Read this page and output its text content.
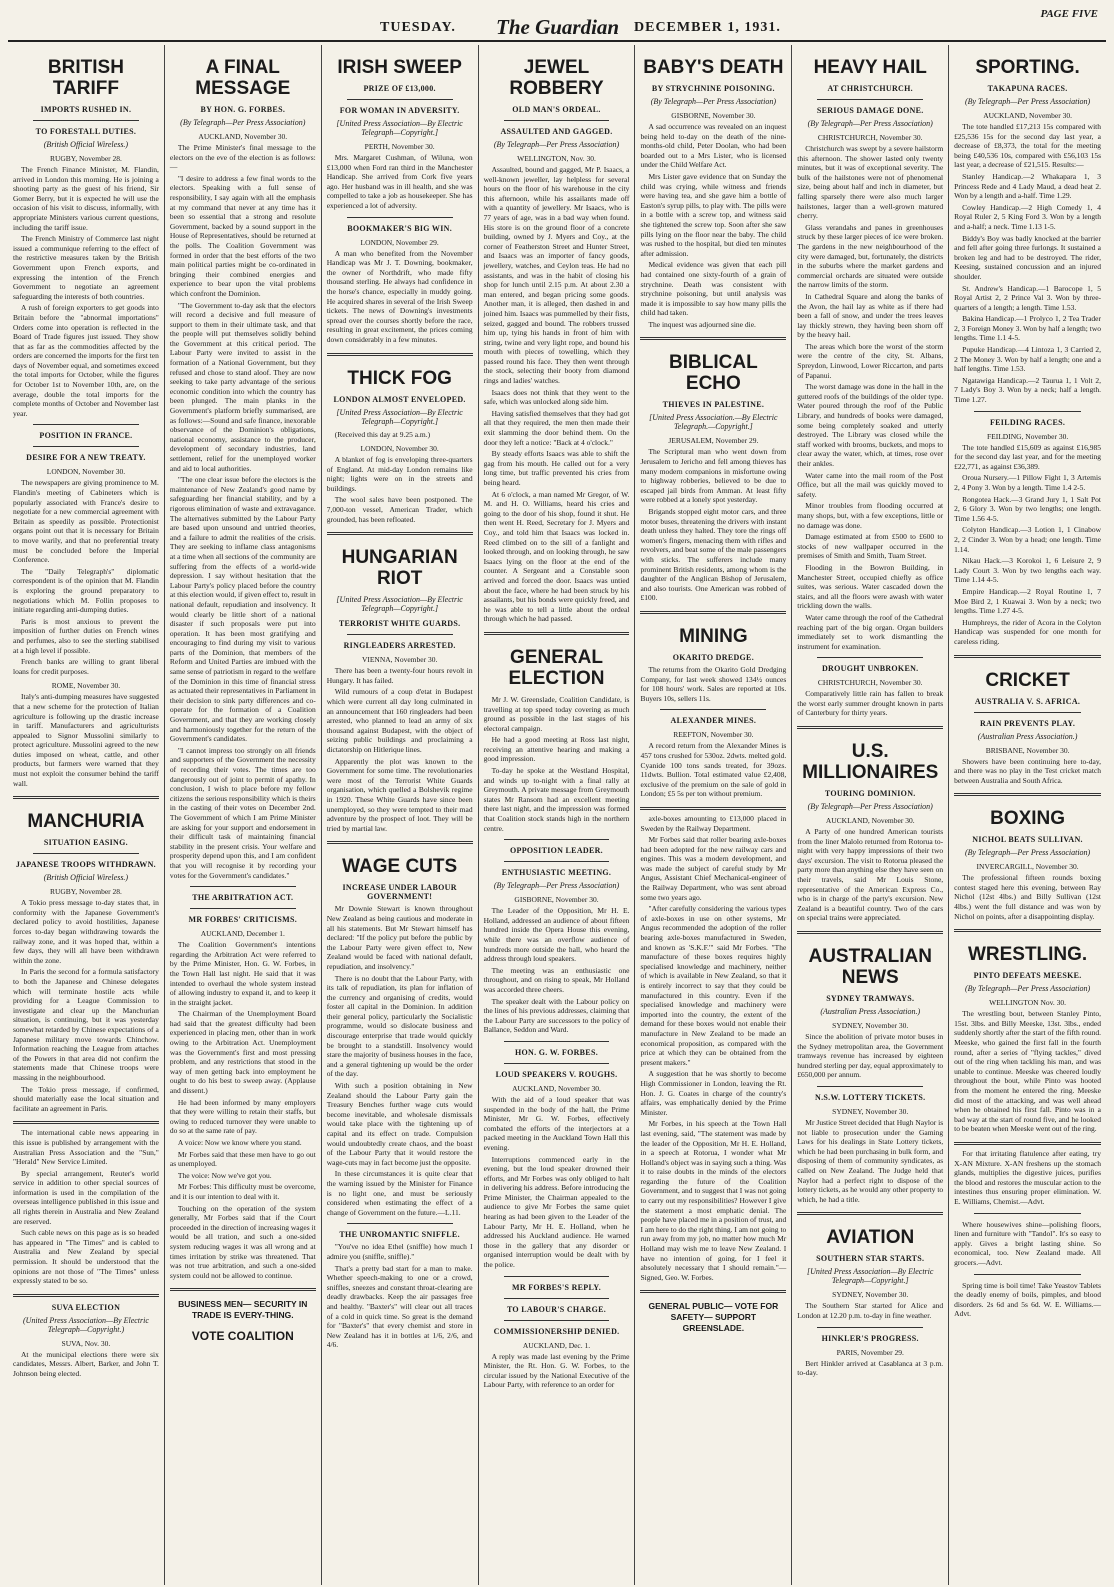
TUESDAY. The Guardian DECEMBER 1, 1931.
PAGE FIVE
BRITISH TARIFF
IMPORTS RUSHED IN.
TO FORESTALL DUTIES.
(British Official Wireless.)
RUGBY, November 28.
The French Finance Minister, M. Flandin, arrived in London this morning. He is joining a shooting party as the guest of his friend, Sir Gomer Berry, but it is expected he will use the occasion of his visit to discuss, informally, with appropriate Ministers various current questions, including the tariff issue.
The French Ministry of Commerce last night issued a communique referring to the effect of the restrictive measures taken by the British Government upon French exports, and expressing the intention of the French Government to negotiate an agreement safeguarding the interests of both countries.
A rush of foreign exporters to get goods into Britain before the "abnormal importations" Orders come into operation is reflected in the Board of Trade figures just issued. They show that as far as the commodities affected by the orders are concerned the imports for the first ten days of November equal, and sometimes exceed the total imports for October, while the figures for October 1st to November 10th, are, on the average, double the total imports for the complete months of October and November last year.
POSITION IN FRANCE.
DESIRE FOR A NEW TREATY.
LONDON, November 30.
The newspapers are giving prominence to M. Flandin's meeting of Cabineters which is popularly associated with France's desire to negotiate for a new commercial agreement with Britain as speedily as possible. Protectionist organs point out that it is necessary for Britain to move warily, and that no preferential treaty must be concluded before the Imperial Conference.
The "Daily Telegraph's" diplomatic correspondent is of the opinion that M. Flandin is exploring the ground preparatory to negotiations which M. Follin proposes to initiate regarding anti-dumping duties.
Paris is most anxious to prevent the imposition of further duties on French wines and perfumes, also to see the sterling stabilised at a high level if possible.
French banks are willing to grant liberal loans for credit purposes.
ROME, November 30.
Italy's anti-dumping measures have suggested that a new scheme for the protection of Italian agriculture is following up the drastic increase in tariff. Manufacturers and agriculturists appealed to Signor Mussolini similarly to protect agriculture. Mussolini agreed to the new duties imposed on wheat, cattle, and other products, but farmers were warned that they must not exploit the consumer behind the tariff wall.
MANCHURIA
SITUATION EASING.
JAPANESE TROOPS WITHDRAWN.
(British Official Wireless.)
RUGBY, November 28.
A Tokio press message to-day states that, in conformity with the Japanese Government's declared policy to avoid hostilities, Japanese forces to-day began withdrawing towards the railway zone, and it was hoped that, within a few days, they will all have been withdrawn within the zone.
In Paris the second for a formula satisfactory to both the Japanese and Chinese delegates which will terminate hostile acts while providing for a League Commission to investigate and clear up the Manchurian situation, is continuing, but it was yesterday somewhat retarded by Chinese expectations of a Japanese military move towards Chinchow. Information reaching the League from attaches of the Powers in that area did not confirm the statements made that Chinese troops were massing in the neighbourhood.
The Tokio press message, if confirmed, should materially ease the local situation and facilitate an agreement in Paris.
The international cable news appearing in this issue is published by arrangement with the Australian Press Association and the "Sun," "Herald" New Service Limited.
By special arrangement, Reuter's world service in addition to other special sources of information is used in the compilation of the overseas intelligence published in this issue and all rights therein in Australia and New Zealand are reserved.
Such cable news on this page as is so headed has appeared in "The Times" and is cabled to Australia and New Zealand by special permission. It should be understood that the opinions are not those of "The Times" unless expressly stated to be so.
SUVA ELECTION
(United Press Association—By Electric Telegraph—Copyright.)
SUVA, Nov. 30.
At the municipal elections there were six candidates, Messrs. Albert, Barker, and John T. Johnson being elected.
A FINAL MESSAGE
BY HON. G. FORBES.
(By Telegraph—Per Press Association)
AUCKLAND, November 30.
The Prime Minister's final message to the electors on the eve of the election is as follows:—
"I desire to address a few final words to the electors. Speaking with a full sense of responsibility, I say again with all the emphasis at my command that never at any time has it been so essential that a strong and resolute Government, backed by a sound support in the House of Representatives, should be returned at the polls. The Coalition Government was formed in order that the best efforts of the two main political parties might be co-ordinated in bringing their combined energies and experience to bear upon the vital problems which confront the Dominion.
"The Government to-day ask that the electors will record a decisive and full measure of support to them in their ultimate task, and that the people will put themselves solidly behind the Government at this critical period. The Labour Party were invited to assist in the formation of a National Government, but they refused and chose to stand aloof. They are now seeking to take party advantage of the serious economic condition into which the country has been plunged. The main planks in the Government's platform briefly summarised, are as follows:—Sound and safe finance, inexorable observance of the Dominion's obligations, national economy, assistance to the producer, development of secondary industries, land settlement, relief for the unemployed worker and aid to local authorities.
"The one clear issue before the electors is the maintenance of New Zealand's good name by safeguarding her financial stability, and by a rigorous elimination of waste and extravagance. The alternatives submitted by the Labour Party are based upon unsound and untried theories, and a failure to admit the realities of the crisis. They are seeking to inflame class antagonisms at a time when all sections of the community are suffering from the effects of a world-wide depression. I say without hesitation that the Labour Party's policy placed before the country at this election would, if given effect to, result in national default, repudiation and insolvency. It would clearly be little short of a national disaster if such proposals were put into operation. It has been most gratifying and encouraging to find during my visit to various parts of the Dominion, that members of the Reform and United Parties are imbued with the same sense of patriotism in regard to the welfare of the Dominion in this time of financial stress as actuated their representatives in Parliament in their decision to sink party differences and co-operate for the formation of a Coalition Government, and that they are working closely and harmoniously together for the return of the Government's candidates.
"I cannot impress too strongly on all friends and supporters of the Government the necessity of recording their votes. The times are too dangerously out of joint to permit of apathy. In conclusion, I wish to place before my fellow citizens the serious responsibility which is theirs in the casting of their votes on December 2nd. The Government of which I am Prime Minister are asking for your support and endorsement in their difficult task of maintaining financial stability in the present crisis. Your welfare and prosperity depend upon this, and I am confident that you will recognise it by recording your votes for the Government's candidates."
THE ARBITRATION ACT.
MR FORBES' CRITICISMS.
AUCKLAND, December 1.
The Coalition Government's intentions regarding the Arbitration Act were referred to by the Prime Minister, Hon. G. W. Forbes, in the Town Hall last night. He said that it was intended to overhaul the whole system instead of allowing industry to expand it, and to keep it in the straight jacket.
The Chairman of the Unemployment Board had said that the greatest difficulty had been experienced in placing men, other than in work owing to the Arbitration Act. Unemployment was the Government's first and most pressing problem, and any restrictions that stood in the way of men getting back into employment he ought to do his best to sweep away. (Applause and dissent.)
He had been informed by many employers that they were willing to retain their staffs, but owing to reduced turnover they were unable to do so at the same rate of pay.
A voice: Now we know where you stand.
Mr Forbes said that these men have to go out as unemployed.
The voice: Now we've got you.
Mr Forbes: This difficulty must be overcome, and it is our intention to deal with it.
Touching on the operation of the system generally, Mr Forbes said that if the Court proceeded in the direction of increasing wages it would be all tration, and such a one-sided system reducing wages it was all wrong and at times irritation by strike was threatened. That was not true arbitration, and such a one-sided system could not be allowed to continue.
BUSINESS MEN— SECURITY IN TRADE IS EVERY-THING.
VOTE COALITION
IRISH SWEEP
PRIZE OF £13,000.
FOR WOMAN IN ADVERSITY.
[United Press Association—By Electric Telegraph—Copyright.]
PERTH, November 30.
Mrs. Margaret Cushman, of Wiluna, won £13,000 when Ford ran third in the Manchester Handicap. She arrived from Cork five years ago. Her husband was in ill health, and she was compelled to take a job as housekeeper. She has experienced a lot of adversity.
BOOKMAKER'S BIG WIN.
LONDON, November 29.
A man who benefited from the November Handicap was Mr J. T. Downing, bookmaker, the owner of Northdrift, who made fifty thousand sterling. He always had confidence in the horse's chance, especially in muddy going. He acquired shares in several of the Irish Sweep tickets. The news of Downing's investments spread over the courses shortly before the race, resulting in great excitement, the prices coming down considerably in a few minutes.
THICK FOG
LONDON ALMOST ENVELOPED.
[United Press Association—By Electric Telegraph—Copyright.]
(Received this day at 9.25 a.m.)
LONDON, November 30.
A blanket of fog is enveloping three-quarters of England. At mid-day London remains like night; lights were on in the streets and buildings.
The wool sales have been postponed. The 7,000-ton vessel, American Trader, which grounded, has been refloated.
HUNGARIAN RIOT
[United Press Association—By Electric Telegraph—Copyright.]
TERRORIST WHITE GUARDS.
RINGLEADERS ARRESTED.
VIENNA, November 30.
There has been a twenty-four hours revolt in Hungary. It has failed.
Wild rumours of a coup d'etat in Budapest which were current all day long culminated in an announcement that 160 ringleaders had been arrested, who planned to lead an army of six thousand against Budapest, with the object of seizing public buildings and proclaiming a dictatorship on Hitlerique lines.
Apparently the plot was known to the Government for some time. The revolutionaries were most of the Terrorist White Guards organisation, which quelled a Bolshevik regime in 1920. These White Guards have since been unemployed, so they were tempted to their mad adventure by the prospect of loot. They will be tried by martial law.
WAGE CUTS
INCREASE UNDER LABOUR GOVERNMENT!
Mr Downie Stewart is known throughout New Zealand as being cautious and moderate in all his statements. But Mr Stewart himself has declared: "If the policy put before the public by the Labour Party were given effect to, New Zealand would be faced with national default, repudiation, and insolvency."
There is no doubt that the Labour Party, with its talk of repudiation, its plan for inflation of the currency and organising of credits, would foster all capital in the Dominion. In addition their general policy, particularly the Socialistic programme, would so dislocate business and discourage enterprise that trade would quickly be brought to a standstill. Insolvency would stare the majority of business houses in the face, and a general tightening up would be the order of the day.
With such a position obtaining in New Zealand should the Labour Party gain the Treasury Benches further wage cuts would become inevitable, and wholesale dismissals would take place with the tightening up of capital and its effect on trade. Compulsion would undoubtedly create chaos, and the boast of the Labour Party that it would restore the wage-cuts may in fact become just the opposite.
In these circumstances it is quite clear that the warning issued by the Minister for Finance is no light one, and must be seriously considered when estimating the effect of a change of Government on the future.—L.11.
THE UNROMANTIC SNIFFLE.
"You've no idea Ethel (sniffle) how much I admire you (sniffle, sniffle)."
That's a pretty bad start for a man to make. Whether speech-making to one or a crowd, sniffles, sneezes and constant throat-clearing are deadly drawbacks. Keep the air passages free and healthy. "Baxter's" will clear out all traces of a cold in quick time. So great is the demand for "Baxter's" that every chemist and store in New Zealand has it in bottles at 1/6, 2/6, and 4/6.
JEWEL ROBBERY
OLD MAN'S ORDEAL.
ASSAULTED AND GAGGED.
(By Telegraph—Per Press Association)
WELLINGTON, Nov. 30.
Assaulted, bound and gagged, Mr P. Isaacs, a well-known jeweller, lay helpless for several hours on the floor of his warehouse in the city this afternoon, while his assailants made off with a quantity of jewellery. Mr Isaacs, who is 77 years of age, was in a bad way when found. His store is on the ground floor of a concrete building, owned by J. Myers and Coy., at the corner of Featherston Street and Hunter Street, and Isaacs was an importer of fancy goods, jewellery, watches, and Ceylon teas. He had no assistants, and was in the habit of closing his shop for lunch until 2.15 p.m. At about 2.30 a man entered, and began pricing some goods. Another man, it is alleged, then dashed in and joined him. Isaacs was pummelled by their fists, seized, gagged and bound. The robbers trussed him up, tying his hands in front of him with string, twine and very light rope, and bound his mouth with pieces of towelling, which they passed round his face. They then went through the stock, selecting their booty from diamond rings and ladies' watches.
Isaacs does not think that they went to the safe, which was unlocked along side him.
Having satisfied themselves that they had got all that they required, the men then made their exit slamming the door behind them. On the door they left a notice: "Back at 4 o'clock."
By steady efforts Isaacs was able to shift the gag from his mouth. He called out for a very long time, but traffic prevented his cries from being heard.
At 6 o'clock, a man named Mr Gregor, of W. M. and H. O. Williams, heard his cries and going to the door of his shop, found it shut. He then went H. Reed, Secretary for J. Myers and Coy., and told him that Isaacs was locked in. Reed climbed on to the sill of a fanlight and looked through, and on looking through, he saw Isaacs lying on the floor at the end of the counter. A Sergeant and a Constable soon arrived and forced the door. Isaacs was untied about the face, where he had been struck by his assailants, but his bonds were quickly freed, and he was able to tell a little about the ordeal through which he had passed.
GENERAL ELECTION
Mr J. W. Greenslade, Coalition Candidate, is travelling at top speed today covering as much ground as possible in the last stages of his electoral campaign.
He had a good meeting at Ross last night, receiving an attentive hearing and making a good impression.
To-day he spoke at the Westland Hospital, and winds up to-night with a final rally at Greymouth. A private message from Greymouth states Mr Ransom had an excellent meeting there last night, and the impression was formed that Coalition stock stands high in the northern centre.
OPPOSITION LEADER.
ENTHUSIASTIC MEETING.
(By Telegraph—Per Press Association)
GISBORNE, November 30.
The Leader of the Opposition, Mr H. E. Holland, addressed an audience of about fifteen hundred inside the Opera House this evening, while there was an overflow audience of hundreds more outside the hall, who heard the address through loud speakers.
The meeting was an enthusiastic one throughout, and on rising to speak, Mr Holland was accorded three cheers.
The speaker dealt with the Labour policy on the lines of his previous addresses, claiming that the Labour Party are successors to the policy of Ballance, Seddon and Ward.
HON. G. W. FORBES.
LOUD SPEAKERS V. ROUGHS.
AUCKLAND, November 30.
With the aid of a loud speaker that was suspended in the body of the hall, the Prime Minister, Mr G. W. Forbes, effectively combated the efforts of the interjectors at a packed meeting in the Auckland Town Hall this evening.
Interruptions commenced early in the evening, but the loud speaker drowned their efforts, and Mr Forbes was only obliged to halt in delivering his address. Before introducing the Prime Minister, the Chairman appealed to the audience to give Mr Forbes the same quiet hearing as had been given to the Leader of the Labour Party, Mr H. E. Holland, when he addressed his Auckland audience. He warned those in the gallery that any disorder or organised interruption would be dealt with by the police.
MR FORBES'S REPLY.
TO LABOUR'S CHARGE.
COMMISSIONERSHIP DENIED.
AUCKLAND, Dec. 1.
A reply was made last evening by the Prime Minister, the Rt. Hon. G. W. Forbes, to the circular issued by the National Executive of the Labour Party, with reference to an order for
BABY'S DEATH
BY STRYCHNINE POISONING.
(By Telegraph—Per Press Association)
GISBORNE, November 30.
A sad occurrence was revealed on an inquest being held to-day on the death of the nine-months-old child, Peter Doolan, who had been boarded out to a Mrs Lister, who is licensed under the Child Welfare Act.
Mrs Lister gave evidence that on Sunday the child was crying, while witness and friends were having tea, and she gave him a bottle of Easton's syrup pills, to play with. The pills were in a bottle with a screw top, and witness said she tightened the screw top. Soon after she saw pills lying on the floor near the baby. The child was rushed to the hospital, but died ten minutes after admission.
Medical evidence was given that each pill had contained one sixty-fourth of a grain of strychnine. Death was consistent with strychnine poisoning, but until analysis was made it is impossible to say how many pills the child had taken.
The inquest was adjourned sine die.
BIBLICAL ECHO
THIEVES IN PALESTINE.
[United Press Association.—By Electric Telegraph.—Copyright.]
JERUSALEM, November 29.
The Scriptural man who went down from Jerusalem to Jericho and fell among thieves has many modern companions in misfortune owing to highway robberies, believed to be due to escaped jail birds from Amman. At least fifty were robbed at a lonely spot yesterday.
Brigands stopped eight motor cars, and three motor buses, threatening the drivers with instant death unless they halted. They tore the rings off women's fingers, menacing them with rifles and revolvers, and beat some of the male passengers with sticks. The sufferers include many prominent British residents, among whom is the daughter of the Anglican Bishop of Jerusalem, and also tourists. One American was robbed of £100.
MINING
OKARITO DREDGE.
The returns from the Okarito Gold Dredging Company, for last week showed 134½ ounces for 108 hours' work. Sales are reported at 10s. Buyers 10s, sellers 11s.
ALEXANDER MINES.
REEFTON, November 30.
A record return from the Alexander Mines is 457 tons crushed for 530oz. 2dwts. melted gold. Cyanide 100 tons sands treated, for 39ozs. 11dwts. Bullion. Total estimated value £2,408, exclusive of the premium on the sale of gold in London; £5 5s per ton without premium.
axle-boxes amounting to £13,000 placed in Sweden by the Railway Department.
Mr Forbes said that roller bearing axle-boxes had been adopted for the new railway cars and engines. This was a modern development, and was made the subject of careful study by Mr Angus, Assistant Chief Mechanical-engineer of the Railway Department, who was sent abroad some two years ago.
"After carefully considering the various types of axle-boxes in use on other systems, Mr Angus recommended the adoption of the roller bearing axle-boxes manufactured in Sweden, and known as 'S.K.F.'" said Mr Forbes. "The manufacture of these boxes requires highly specialised knowledge and machinery, neither of which is available in New Zealand, so that it is entirely incorrect to say that they could be manufactured in this country. Even if the specialised knowledge and machinery were imported into the country, the extent of the demand for these boxes would not enable their manufacture in New Zealand to be made an economical proposition, as compared with the price at which they can be obtained from the present makers."
A suggestion that he was shortly to become High Commissioner in London, leaving the Rt. Hon. J. G. Coates in charge of the country's affairs, was emphatically denied by the Prime Minister.
Mr Forbes, in his speech at the Town Hall last evening, said, "The statement was made by the leader of the Opposition, Mr H. E. Holland, in a speech at Rotorua, I wonder what Mr Holland's object was in saying such a thing. Was it to raise doubts in the minds of the electors regarding the future of the Coalition Government, and to suggest that I was not going to carry out my responsibilities? However I give the statement a most emphatic denial. The people have placed me in a position of trust, and I am here to do the right thing. I am not going to run away from my job, no matter how much Mr Holland may wish me to leave New Zealand. I have no intention of going, for I feel it absolutely necessary that I should remain."—Signed, Geo. W. Forbes.
GENERAL PUBLIC— VOTE FOR SAFETY— SUPPORT GREENSLADE.
HEAVY HAIL
AT CHRISTCHURCH.
SERIOUS DAMAGE DONE.
(By Telegraph—Per Press Association)
CHRISTCHURCH, November 30.
Christchurch was swept by a severe hailstorm this afternoon. The shower lasted only twenty minutes, but it was of exceptional severity. The bulk of the hailstones were not of phenomenal size, being about half and inch in diameter, but falling sparsely there were also much larger hailstones, larger than a well-grown matured cherry.
Glass verandahs and panes in greenhouses struck by these larger pieces of ice were broken. The gardens in the new neighbourhood of the city were damaged, but, fortunately, the districts in the suburbs where the market gardens and commercial orchards are situated were outside the narrow limits of the storm.
In Cathedral Square and along the banks of the Avon, the hail lay as white as if there had been a fall of snow, and under the trees leaves lay thickly strewn, they having been shorn off by the heavy hail.
The areas which bore the worst of the storm were the centre of the city, St. Albans, Spreydon, Linwood, Lower Riccarton, and parts of Papanui.
The worst damage was done in the hall in the guttered roofs of the buildings of the older type. Water poured through the roof of the Public Library, and hundreds of books were damaged, some being completely soaked and utterly destroyed. The Library was closed while the staff worked with brooms, buckets, and mops to clear away the water, which, at times, rose over their ankles.
Water came into the mail room of the Post Office, but all the mail was quickly moved to safety.
Minor troubles from flooding occurred at many shops, but, with a few exceptions, little or no damage was done.
Damage estimated at from £500 to £600 to stocks of new wallpaper occurred in the premises of Smith and Smith, Tuam Street.
Flooding in the Bowron Building, in Manchester Street, occupied chiefly as office suites, was serious. Water cascaded down the stairs, and all the floors were awash with water trickling down the walls.
Water came through the roof of the Cathedral reaching part of the big organ. Organ builders immediately set to work dismantling the instrument for examination.
DROUGHT UNBROKEN.
CHRISTCHURCH, November 30.
Comparatively little rain has fallen to break the worst early summer drought known in parts of Canterbury for thirty years.
U.S. MILLIONAIRES
TOURING DOMINION.
(By Telegraph—Per Press Association)
AUCKLAND, November 30.
A Party of one hundred American tourists from the liner Malolo returned from Rotorua to-night with very happy impressions of their two days' excursion. The visit to Rotorua pleased the party more than anything else they have seen on their travels, said Mr Louis Stone, representative of the American Express Co., who is in charge of the party's excursion. New Zealand is a beautiful country. Two of the cars on special trains were appreciated.
AUSTRALIAN NEWS
SYDNEY TRAMWAYS.
(Australian Press Association.)
SYDNEY, November 30.
Since the abolition of private motor buses in the Sydney metropolitan area, the Government tramways revenue has increased by eighteen hundred sterling per day, equal approximately to £650,000 per annum.
N.S.W. LOTTERY TICKETS.
SYDNEY, November 30.
Mr Justice Street decided that Hugh Naylor is not liable to prosecution under the Gaming Laws for his dealings in State Lottery tickets, which he had been purchasing in bulk form, and disposing of them of community syndicates, as called on New Zealand. The Judge held that Naylor had a perfect right to dispose of the lottery tickets, as he would any other property to which, he had a title.
AVIATION
SOUTHERN STAR STARTS.
[United Press Association—By Electric Telegraph—Copyright.]
SYDNEY, November 30.
The Southern Star started for Alice and London at 12.20 p.m. to-day in fine weather.
HINKLER'S PROGRESS.
PARIS, November 29.
Bert Hinkler arrived at Casablanca at 3 p.m. to-day.
SPORTING.
TAKAPUNA RACES.
(By Telegraph—Per Press Association)
AUCKLAND, November 30.
The tote handled £17,213 15s compared with £25,536 15s for the second day last year, a decrease of £8,373, the total for the meeting being £40,536 10s, compared with £56,103 15s last year, a decrease of £21,515. Results:—
Stanley Handicap.—2 Whakapara 1, 3 Princess Rede and 4 Lady Maud, a dead heat 2. Won by a length and a-half. Time 1.29.
Cowley Handicap.—2 High Comedy 1, 4 Royal Ruler 2, 5 King Ford 3. Won by a length and a-half; a neck. Time 1.13 1-5.
Biddy's Boy was badly knocked at the barrier and fell after going three furlongs. It sustained a broken leg and had to be destroyed. The rider, Keesing, sustained concussion and an injured shoulder.
St. Andrew's Handicap.—1 Barocope 1, 5 Royal Artist 2, 2 Prince Val 3. Won by three-quarters of a length; a length. Time 1.53.
Bakina Handicap.—1 Prolyco 1, 2 Tea Trader 2, 3 Foreign Money 3. Won by half a length; two lengths. Time 1.1 4-5.
Pupuke Handicap.—4 Lintoza 1, 3 Carried 2, 2 The Money 3. Won by half a length; one and a half lengths. Time 1.53.
Ngatawiga Handicap.—2 Taurua 1, 1 Volt 2, 7 Lady's Boy 3. Won by a neck; half a length. Time 1.27.
FEILDING RACES.
FEILDING, November 30.
The tote handled £15,609 as against £16,985 for the second day last year, and for the meeting £22,771, as against £36,389.
Oroua Nursery.—1 Pillow Fight 1, 3 Artemis 2, 4 Pony 3. Won by a length. Time 1.4 2-5.
Rongotea Hack.—3 Grand Jury 1, 1 Salt Pot 2, 6 Glory 3. Won by two lengths; one length. Time 1.56 4-5.
Colyton Handicap.—3 Lotion 1, 1 Cinabow 2, 2 Cinder 3. Won by a head; one length. Time 1.14.
Nikau Hack.—3 Korokoi 1, 6 Leisure 2, 9 Lady Court 3. Won by two lengths each way. Time 1.14 4-5.
Empire Handicap.—2 Royal Routine 1, 7 Moe Bird 2, 1 Kuawai 3. Won by a neck; two lengths. Time 1.27 4-5.
Humphreys, the rider of Acora in the Colyton Handicap was suspended for one month for careless riding.
CRICKET
AUSTRALIA V. S. AFRICA.
RAIN PREVENTS PLAY.
(Australian Press Association.)
BRISBANE, November 30.
Showers have been continuing here to-day, and there was no play in the Test cricket match between Australia and South Africa.
BOXING
NICHOL BEATS SULLIVAN.
(By Telegraph—Per Press Association)
INVERCARGILL, November 30.
The professional fifteen rounds boxing contest staged here this evening, between Ray Nichol (12st 4lbs.) and Billy Sullivan (12st 4lbs.) went the full distance and was won by Nichol on points, after a disappointing display.
WRESTLING.
PINTO DEFEATS MEESKE.
(By Telegraph—Per Press Association)
WELLINGTON Nov. 30.
The wrestling bout, between Stanley Pinto, 15st. 3lbs. and Billy Meeske, 13st. 3lbs., ended suddenly shortly after the start of the fifth round. Meeske, who gained the first fall in the fourth round, after a series of "flying tackles," dived out of the ring when tackling his man, and was unable to continue. Meeske was cheered loudly throughout the bout, while Pinto was hooted from the moment he entered the ring. Meeske did most of the attacking, and was well ahead when he obtained his first fall. Pinto was in a bad way at the start of round five, and he looked to be beaten when Meeske went out of the ring.
For that irritating flatulence after eating, try X-AN Mixture. X-AN freshens up the stomach glands, multiplies the digestive juices, purifies the blood and restores the muscular action to the intestines thus ensuring proper elimination. W. E. Williams, Chemist.—Advt.
Where housewives shine—polishing floors, linen and furniture with "Tandol". It's so easy to apply. Gives a bright lasting shine. So economical, too. New Zealand made. All grocers.—Advt.
Spring time is boil time! Take Yeastov Tablets the deadly enemy of boils, pimples, and blood disorders. 2s 6d and 5s 6d. W. E. Williams.—Advt.
